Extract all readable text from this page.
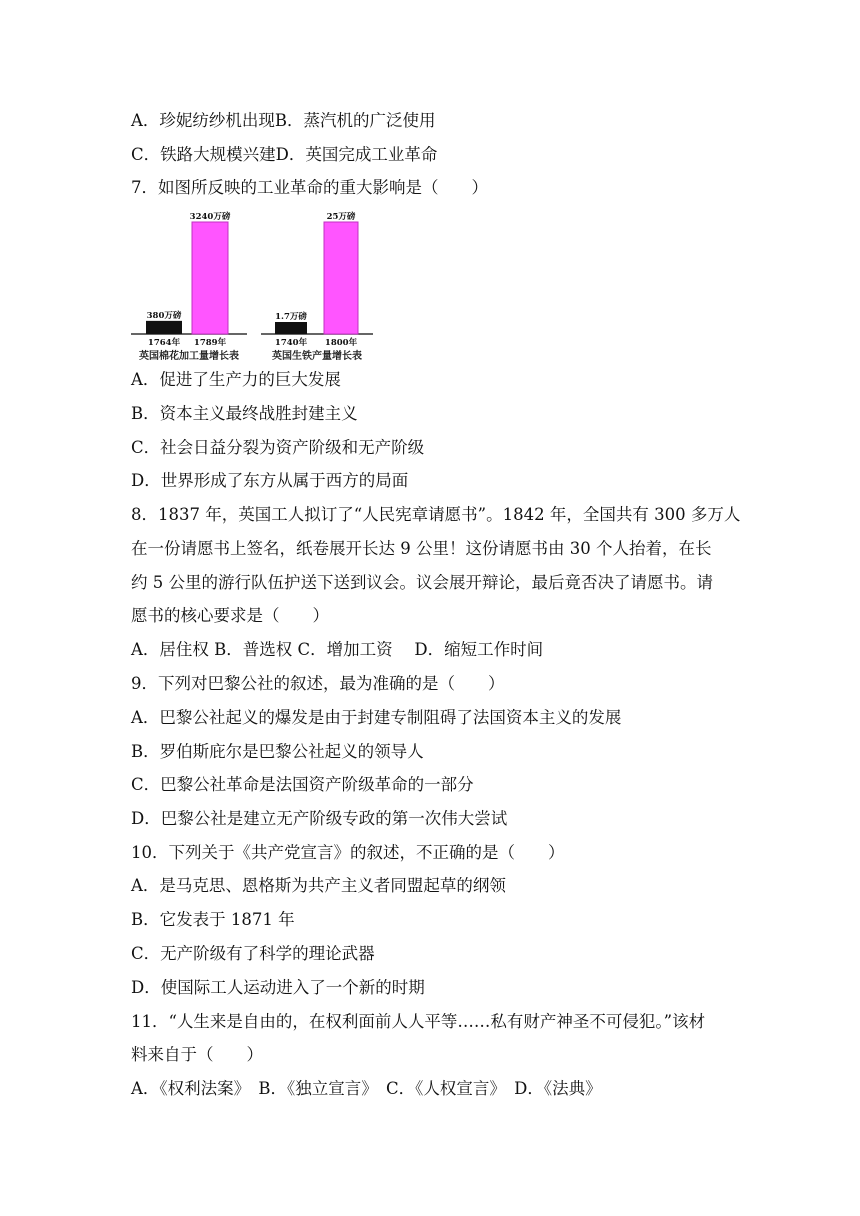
A．珍妮纺纱机出现B．蒸汽机的广泛使用
C．铁路大规模兴建D．英国完成工业革命
7．如图所反映的工业革命的重大影响是（　　）
380万磅
1764年
3240万磅
1789年
英国棉花加工量增长表
1.7万磅
1740年
25万磅
1800年
英国生铁产量增长表
A．促进了生产力的巨大发展
B．资本主义最终战胜封建主义
C．社会日益分裂为资产阶级和无产阶级
D．世界形成了东方从属于西方的局面
8．1837 年，英国工人拟订了“人民宪章请愿书”。1842 年，全国共有 300 多万人
在一份请愿书上签名，纸卷展开长达 9 公里！这份请愿书由 30 个人抬着，在长
约 5 公里的游行队伍护送下送到议会。议会展开辩论，最后竟否决了请愿书。请
愿书的核心要求是（　　）
A．居住权 B．普选权 C．增加工资　 D．缩短工作时间
9．下列对巴黎公社的叙述，最为准确的是（　　）
A．巴黎公社起义的爆发是由于封建专制阻碍了法国资本主义的发展
B．罗伯斯庇尔是巴黎公社起义的领导人
C．巴黎公社革命是法国资产阶级革命的一部分
D．巴黎公社是建立无产阶级专政的第一次伟大尝试
10．下列关于《共产党宣言》的叙述，不正确的是（　　）
A．是马克思、恩格斯为共产主义者同盟起草的纲领
B．它发表于 1871 年
C．无产阶级有了科学的理论武器
D．使国际工人运动进入了一个新的时期
11．“人生来是自由的，在权利面前人人平等……私有财产神圣不可侵犯。”该材
料来自于（　　）
A．《权利法案》　B．《独立宣言》　C．《人权宣言》　D．《法典》
